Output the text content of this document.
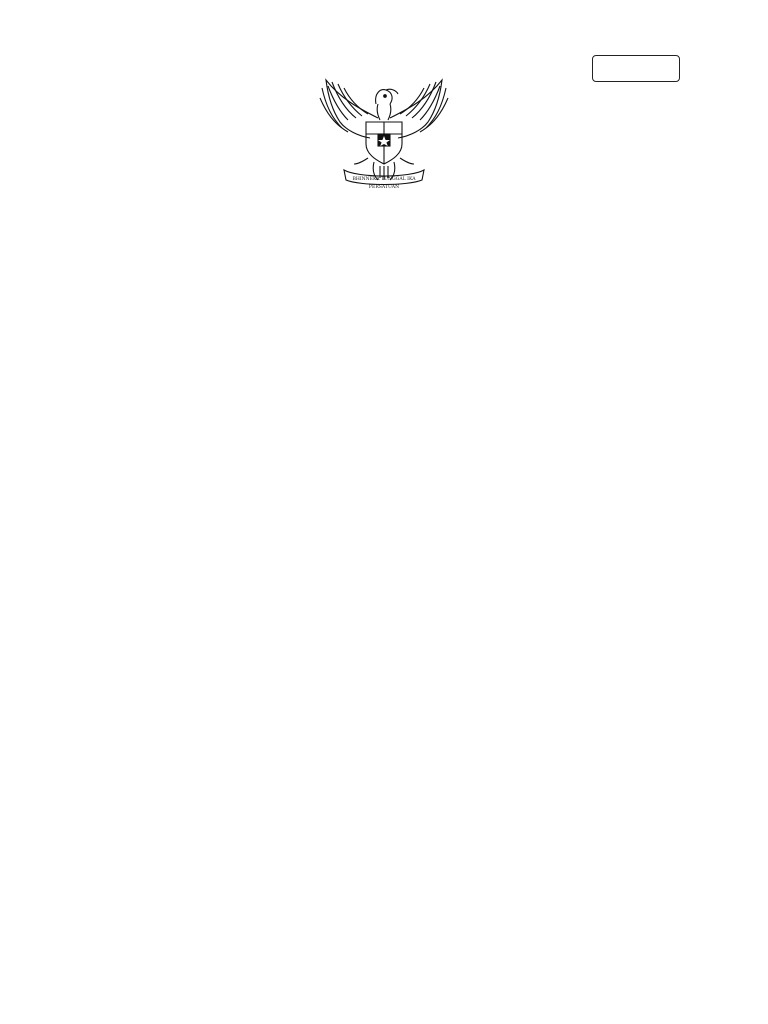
BHINNEKA TUNGGAL IKA
PERSATUAN
